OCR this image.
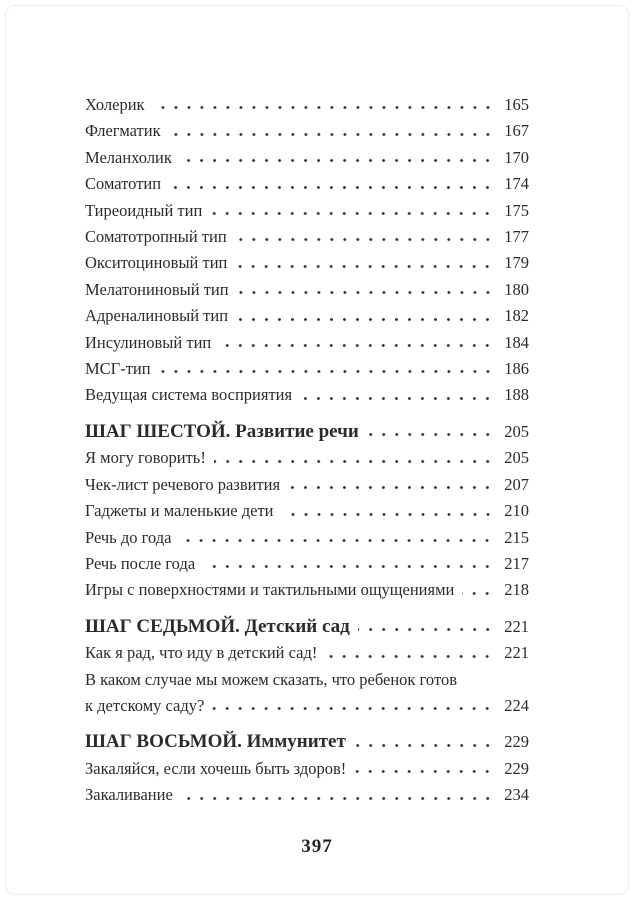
Холерик	165
Флегматик	167
Меланхолик	170
Соматотип	174
Тиреоидный тип	175
Соматотропный тип	177
Окситоциновый тип	179
Мелатониновый тип	180
Адреналиновый тип	182
Инсулиновый тип	184
МСГ-тип	186
Ведущая система восприятия	188
ШАГ ШЕСТОЙ. Развитие речи	205
Я могу говорить!	205
Чек-лист речевого развития	207
Гаджеты и маленькие дети	210
Речь до года	215
Речь после года	217
Игры с поверхностями и тактильными ощущениями	218
ШАГ СЕДЬМОЙ. Детский сад	221
Как я рад, что иду в детский сад!	221
В каком случае мы можем сказать, что ребенок готов
к детскому саду?	224
ШАГ ВОСЬМОЙ. Иммунитет	229
Закаляйся, если хочешь быть здоров!	229
Закаливание	234
397
